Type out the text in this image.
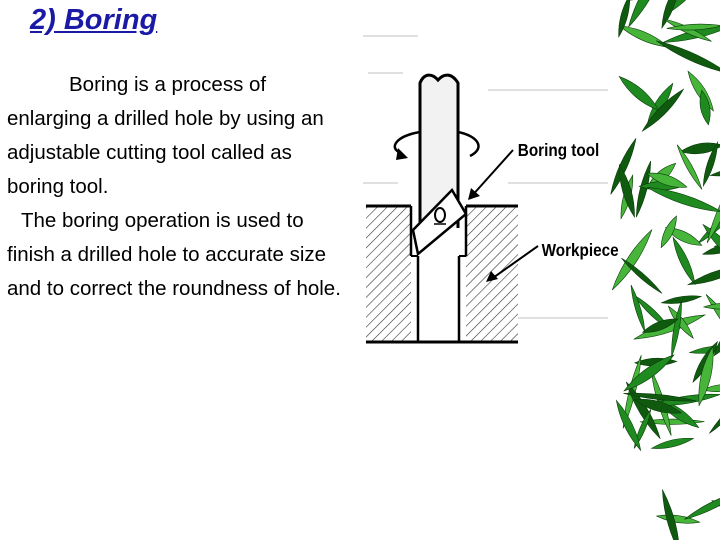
2) Boring

Boring is a process of enlarging a drilled hole by using an adjustable cutting tool called as boring tool.

The boring operation is used to finish a drilled hole to accurate size and to correct the roundness of hole.

Boring tool
Workpiece
